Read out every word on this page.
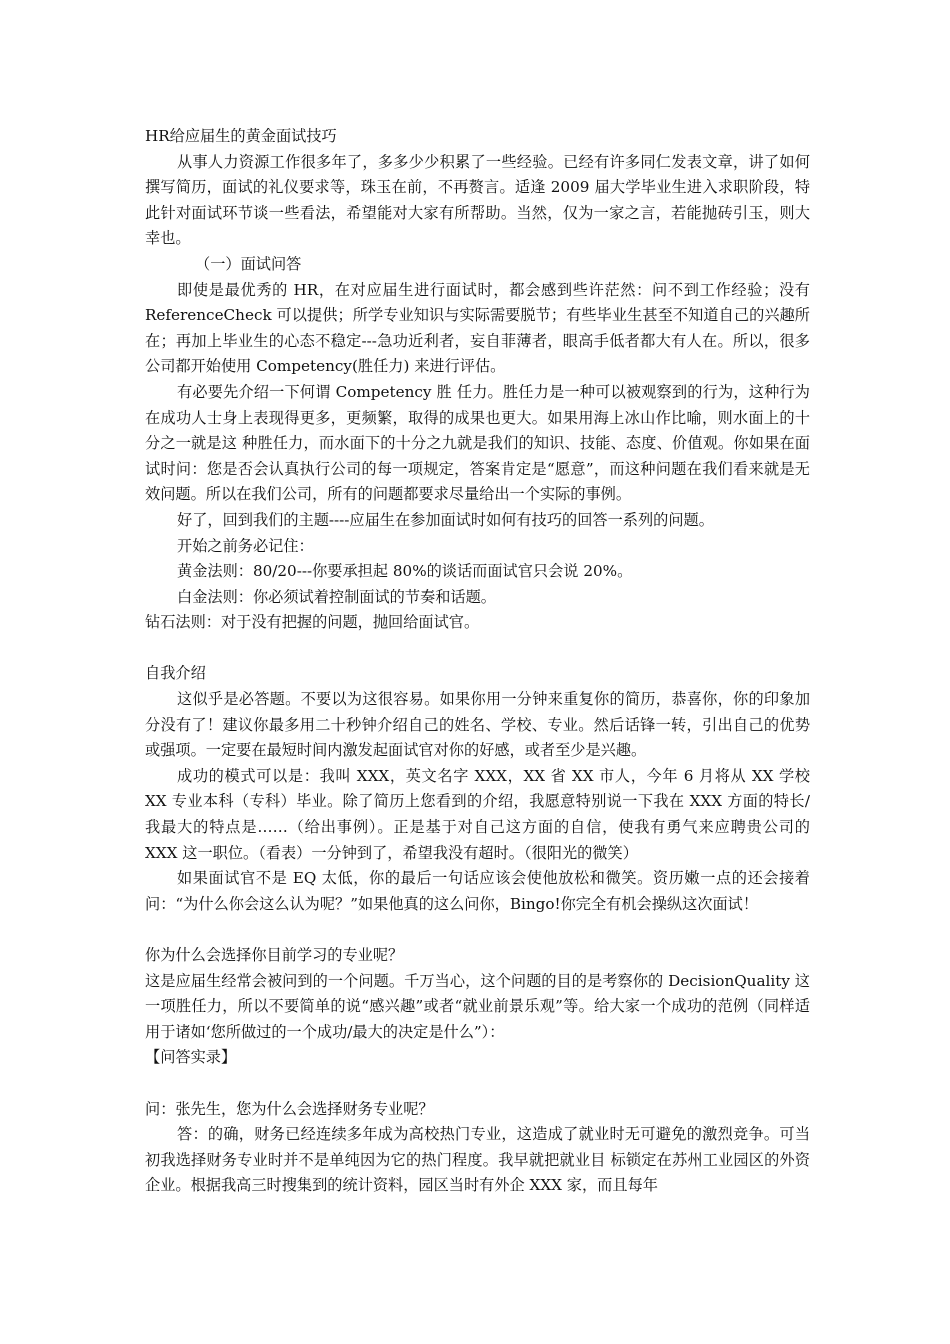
HR给应届生的黄金面试技巧

从事人力资源工作很多年了，多多少少积累了一些经验。已经有许多同仁发表文章，讲了如何撰写简历，面试的礼仪要求等，珠玉在前，不再赘言。适逢 2009 届大学毕业生进入求职阶段，特此针对面试环节谈一些看法，希望能对大家有所帮助。当然，仅为一家之言，若能抛砖引玉，则大幸也。

（一）面试问答

即使是最优秀的 HR，在对应届生进行面试时，都会感到些许茫然：问不到工作经验；没有 ReferenceCheck 可以提供；所学专业知识与实际需要脱节；有些毕业生甚至不知道自己的兴趣所在；再加上毕业生的心态不稳定---急功近利者，妄自菲薄者，眼高手低者都大有人在。所以，很多公司都开始使用 Competency(胜任力) 来进行评估。

有必要先介绍一下何谓 Competency 胜 任力。胜任力是一种可以被观察到的行为，这种行为在成功人士身上表现得更多，更频繁，取得的成果也更大。如果用海上冰山作比喻，则水面上的十分之一就是这 种胜任力，而水面下的十分之九就是我们的知识、技能、态度、价值观。你如果在面试时问：您是否会认真执行公司的每一项规定，答案肯定是“愿意”，而这种问题在我们看来就是无效问题。所以在我们公司，所有的问题都要求尽量给出一个实际的事例。

好了，回到我们的主题----应届生在参加面试时如何有技巧的回答一系列的问题。

开始之前务必记住：

黄金法则：80/20---你要承担起 80%的谈话而面试官只会说 20%。

白金法则：你必须试着控制面试的节奏和话题。

钻石法则：对于没有把握的问题，抛回给面试官。

自我介绍

这似乎是必答题。不要以为这很容易。如果你用一分钟来重复你的简历，恭喜你，你的印象加分没有了！建议你最多用二十秒钟介绍自己的姓名、学校、专业。然后话锋一转，引出自己的优势或强项。一定要在最短时间内激发起面试官对你的好感，或者至少是兴趣。

成功的模式可以是：我叫 XXX，英文名字 XXX，XX 省 XX 市人，今年 6 月将从 XX 学校 XX 专业本科（专科）毕业。除了简历上您看到的介绍，我愿意特别说一下我在 XXX 方面的特长/我最大的特点是……（给出事例）。正是基于对自己这方面的自信，使我有勇气来应聘贵公司的 XXX 这一职位。（看表）一分钟到了，希望我没有超时。（很阳光的微笑）

如果面试官不是 EQ 太低，你的最后一句话应该会使他放松和微笑。资历嫩一点的还会接着问：“为什么你会这么认为呢？”如果他真的这么问你，Bingo!你完全有机会操纵这次面试！

你为什么会选择你目前学习的专业呢？

这是应届生经常会被问到的一个问题。千万当心，这个问题的目的是考察你的 DecisionQuality 这一项胜任力，所以不要简单的说“感兴趣”或者“就业前景乐观”等。给大家一个成功的范例（同样适用于诸如‘您所做过的一个成功/最大的决定是什么”）：

【问答实录】

问：张先生，您为什么会选择财务专业呢？

答：的确，财务已经连续多年成为高校热门专业，这造成了就业时无可避免的激烈竞争。可当初我选择财务专业时并不是单纯因为它的热门程度。我早就把就业目 标锁定在苏州工业园区的外资企业。根据我高三时搜集到的统计资料，园区当时有外企 XXX 家，而且每年
